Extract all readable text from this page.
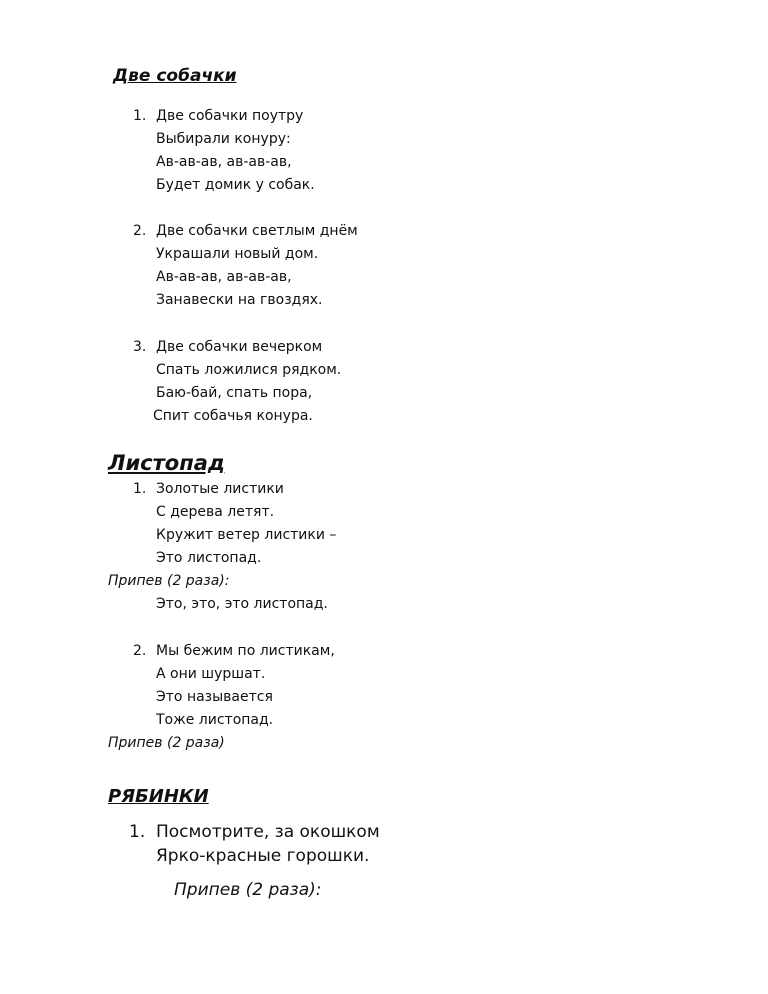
Две собачки
1. Две собачки поутру
Выбирали конуру:
Ав-ав-ав, ав-ав-ав,
Будет домик у собак.
2. Две собачки светлым днём
Украшали новый дом.
Ав-ав-ав, ав-ав-ав,
Занавески на гвоздях.
3. Две собачки вечерком
Спать ложилися рядком.
Баю-бай, спать пора,
Спит собачья конура.
Листопад
1. Золотые листики
С дерева летят.
Кружит ветер листики –
Это листопад.
Припев (2 раза):
Это, это, это листопад.
2. Мы бежим по листикам,
А они шуршат.
Это называется
Тоже листопад.
Припев (2 раза)
РЯБИНКИ
1. Посмотрите, за окошком
Ярко-красные горошки.
Припев (2 раза):
